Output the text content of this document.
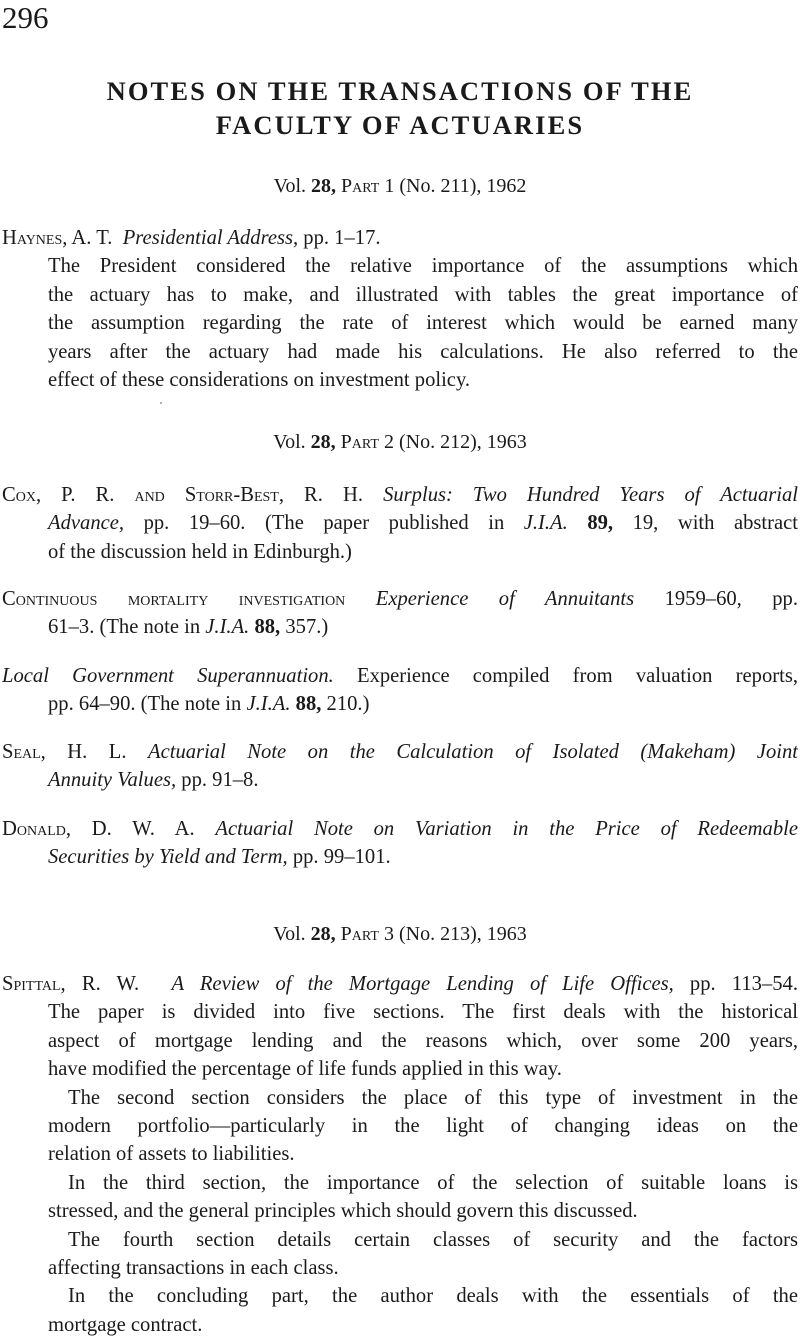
296
NOTES ON THE TRANSACTIONS OF THE
FACULTY OF ACTUARIES
Vol. 28, Part 1 (No. 211), 1962
Haynes, A. T. Presidential Address, pp. 1–17.
The President considered the relative importance of the assumptions which
the actuary has to make, and illustrated with tables the great importance of
the assumption regarding the rate of interest which would be earned many
years after the actuary had made his calculations. He also referred to the
effect of these considerations on investment policy.
Vol. 28, Part 2 (No. 212), 1963
Cox, P. R. and Storr-Best, R. H. Surplus: Two Hundred Years of Actuarial
Advance, pp. 19–60. (The paper published in J.I.A. 89, 19, with abstract
of the discussion held in Edinburgh.)
Continuous mortality investigation Experience of Annuitants 1959–60, pp.
61–3. (The note in J.I.A. 88, 357.)
Local Government Superannuation. Experience compiled from valuation reports,
pp. 64–90. (The note in J.I.A. 88, 210.)
Seal, H. L. Actuarial Note on the Calculation of Isolated (Makeham) Joint
Annuity Values, pp. 91–8.
Donald, D. W. A. Actuarial Note on Variation in the Price of Redeemable
Securities by Yield and Term, pp. 99–101.
Vol. 28, Part 3 (No. 213), 1963
Spittal, R. W. A Review of the Mortgage Lending of Life Offices, pp. 113–54.
The paper is divided into five sections. The first deals with the historical
aspect of mortgage lending and the reasons which, over some 200 years,
have modified the percentage of life funds applied in this way.
The second section considers the place of this type of investment in the
modern portfolio—particularly in the light of changing ideas on the
relation of assets to liabilities.
In the third section, the importance of the selection of suitable loans is
stressed, and the general principles which should govern this discussed.
The fourth section details certain classes of security and the factors
affecting transactions in each class.
In the concluding part, the author deals with the essentials of the
mortgage contract.
